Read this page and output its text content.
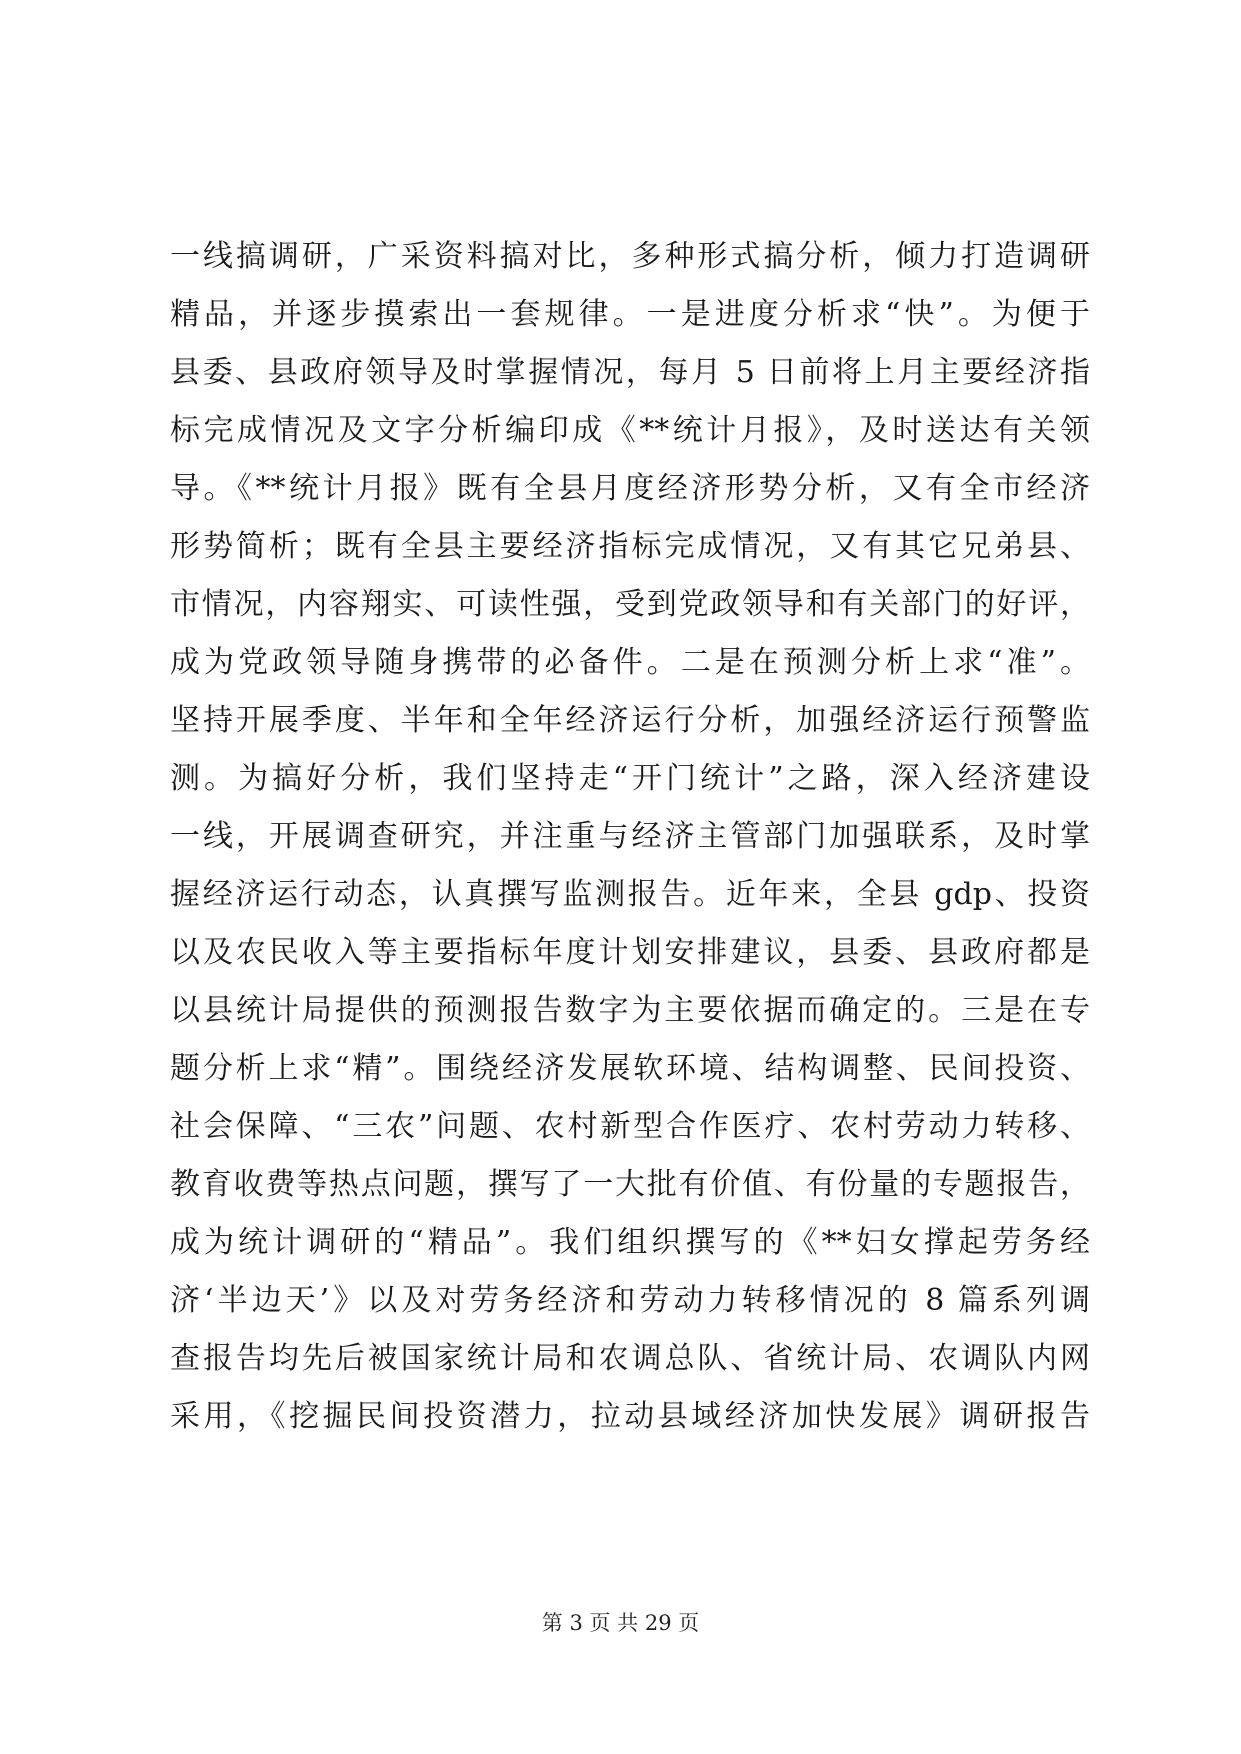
一线搞调研，广采资料搞对比，多种形式搞分析，倾力打造调研
精品，并逐步摸索出一套规律。一是进度分析求“快”。为便于
县委、县政府领导及时掌握情况，每月 5 日前将上月主要经济指
标完成情况及文字分析编印成《**统计月报》，及时送达有关领
导。《**统计月报》既有全县月度经济形势分析，又有全市经济
形势简析；既有全县主要经济指标完成情况，又有其它兄弟县、
市情况，内容翔实、可读性强，受到党政领导和有关部门的好评，
成为党政领导随身携带的必备件。二是在预测分析上求“准”。
坚持开展季度、半年和全年经济运行分析，加强经济运行预警监
测。为搞好分析，我们坚持走“开门统计”之路，深入经济建设
一线，开展调查研究，并注重与经济主管部门加强联系，及时掌
握经济运行动态，认真撰写监测报告。近年来，全县 gdp、投资
以及农民收入等主要指标年度计划安排建议，县委、县政府都是
以县统计局提供的预测报告数字为主要依据而确定的。三是在专
题分析上求“精”。围绕经济发展软环境、结构调整、民间投资、
社会保障、“三农”问题、农村新型合作医疗、农村劳动力转移、
教育收费等热点问题，撰写了一大批有价值、有份量的专题报告，
成为统计调研的“精品”。我们组织撰写的《**妇女撑起劳务经
济‘半边天’》以及对劳务经济和劳动力转移情况的 8 篇系列调
查报告均先后被国家统计局和农调总队、省统计局、农调队内网
采用，《挖掘民间投资潜力，拉动县域经济加快发展》调研报告
第 3 页 共 29 页
